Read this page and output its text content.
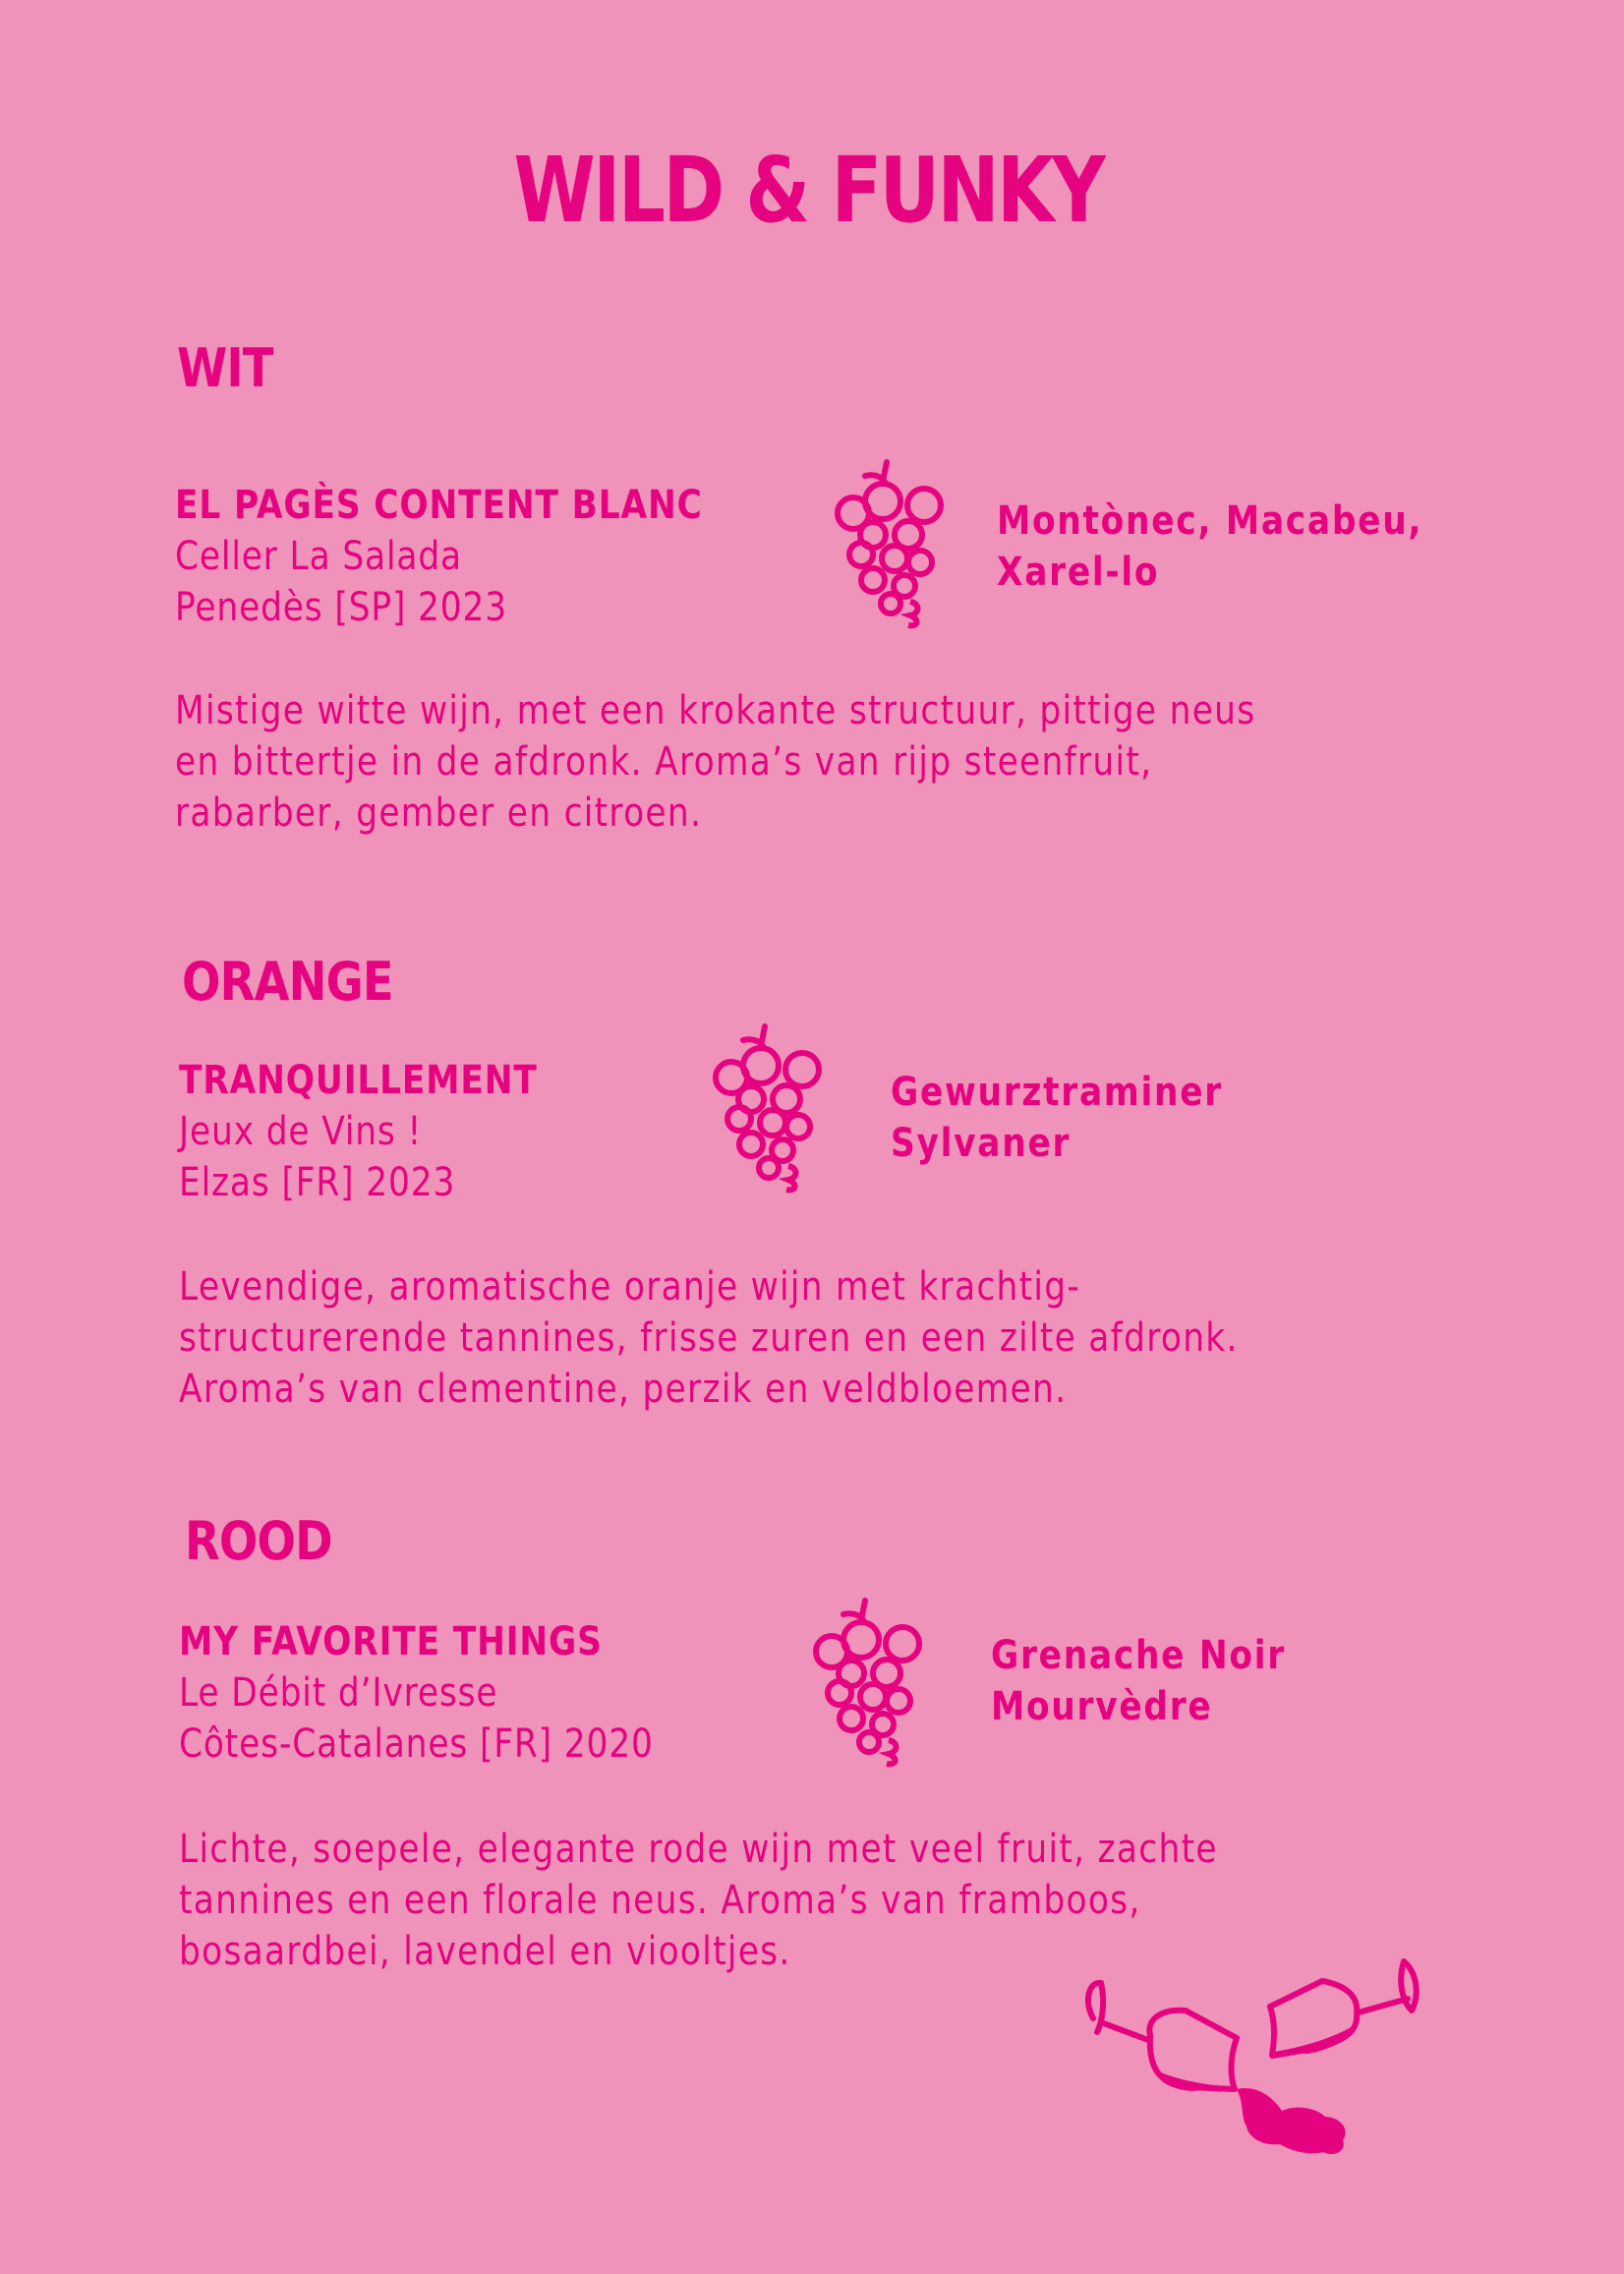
WILD & FUNKY
WIT
EL PAGÈS CONTENT BLANC
Celler La Salada
Penedès [SP] 2023
Montònec, Macabeu,
Xarel-lo
Mistige witte wijn, met een krokante structuur, pittige neus
en bittertje in de afdronk. Aroma’s van rijp steenfruit,
rabarber, gember en citroen.
ORANGE
TRANQUILLEMENT
Jeux de Vins !
Elzas [FR] 2023
Gewurztraminer
Sylvaner
Levendige, aromatische oranje wijn met krachtig-
structurerende tannines, frisse zuren en een zilte afdronk.
Aroma’s van clementine, perzik en veldbloemen.
ROOD
MY FAVORITE THINGS
Le Débit d’Ivresse
Côtes-Catalanes [FR] 2020
Grenache Noir
Mourvèdre
Lichte, soepele, elegante rode wijn met veel fruit, zachte
tannines en een florale neus. Aroma’s van framboos,
bosaardbei, lavendel en viooltjes.
